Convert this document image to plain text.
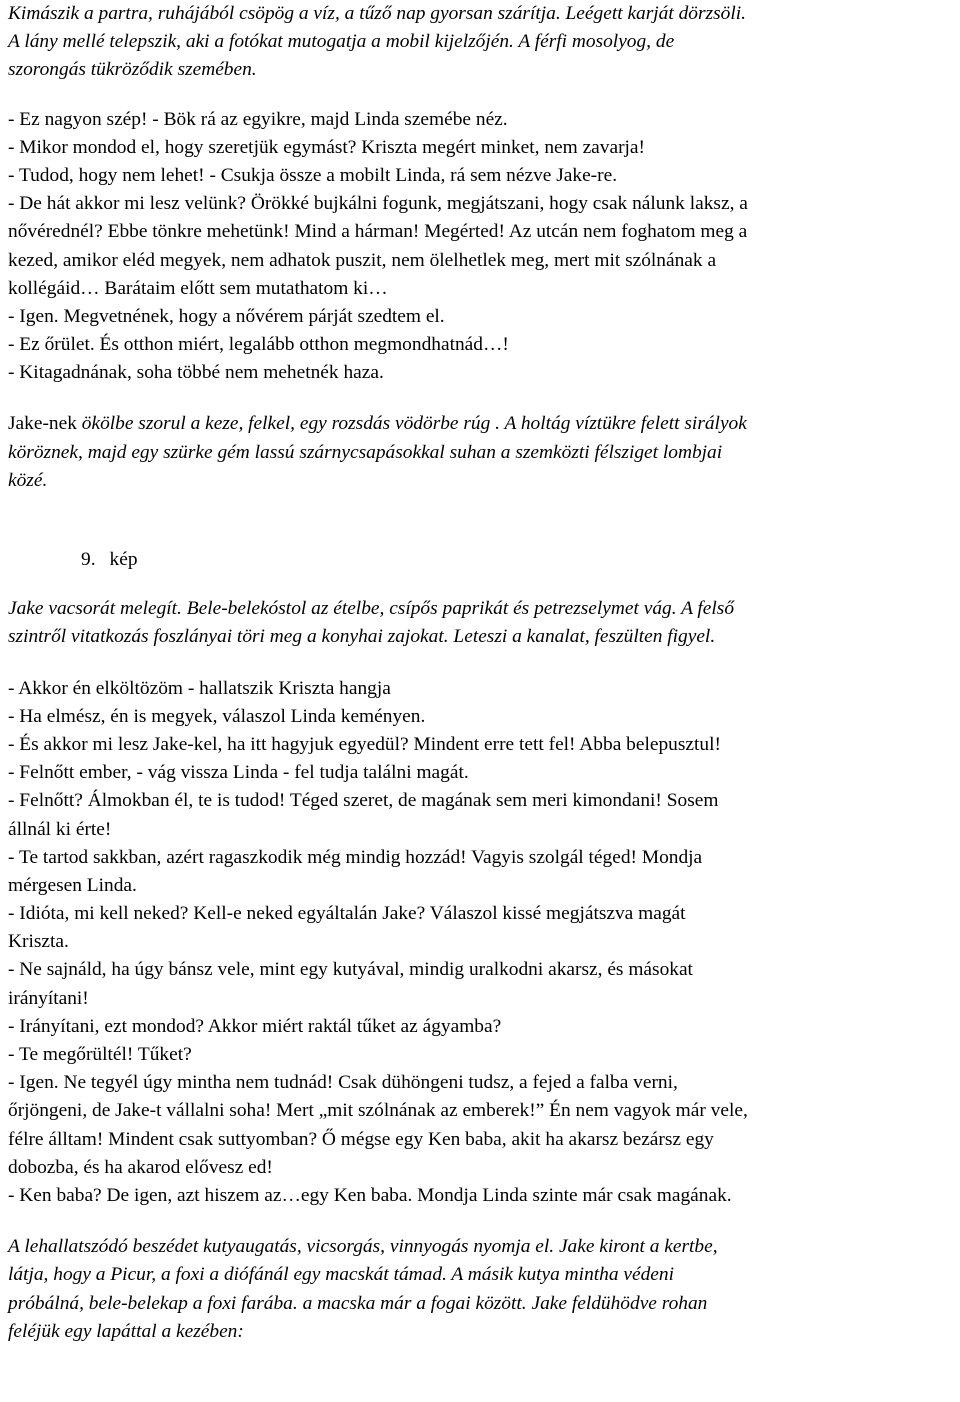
Kimászik a partra, ruhájából csöpög a víz, a tűző nap gyorsan szárítja. Leégett karját dörzsöli.
A lány mellé telepszik, aki a fotókat mutogatja a mobil kijelzőjén. A férfi mosolyog, de
szorongás tükröződik szemében.
- Ez nagyon szép! - Bök rá az egyikre, majd Linda szemébe néz.
- Mikor mondod el, hogy szeretjük egymást? Kriszta megért minket, nem zavarja!
- Tudod, hogy nem lehet! - Csukja össze a mobilt Linda, rá sem nézve Jake-re.
- De hát akkor mi lesz velünk? Örökké bujkálni fogunk, megjátszani, hogy csak nálunk laksz, a
nővérednél? Ebbe tönkre mehetünk! Mind a hárman! Megérted! Az utcán nem foghatom meg a
kezed, amikor eléd megyek, nem adhatok puszit, nem ölelhetlek meg, mert mit szólnának a
kollégáid… Barátaim előtt sem mutathatom ki…
- Igen. Megvetnének, hogy a nővérem párját szedtem el.
- Ez őrület. És otthon miért, legalább otthon megmondhatnád…!
- Kitagadnának, soha többé nem mehetnék haza.
Jake-nek ökölbe szorul a keze, felkel, egy rozsdás vödörbe rúg . A holtág víztükre felett sirályok
köröznek, majd egy szürke gém lassú szárnycsapásokkal suhan a szemközti félsziget lombjai
közé.
9. kép
Jake vacsorát melegít. Bele-belekóstol az ételbe, csípős paprikát és petrezselymet vág. A felső
szintről vitatkozás foszlányai töri meg a konyhai zajokat. Leteszi a kanalat, feszülten figyel.
- Akkor én elköltözöm - hallatszik Kriszta hangja
- Ha elmész, én is megyek, válaszol Linda keményen.
- És akkor mi lesz Jake-kel, ha itt hagyjuk egyedül? Mindent erre tett fel! Abba belepusztul!
- Felnőtt ember, - vág vissza Linda - fel tudja találni magát.
- Felnőtt? Álmokban él, te is tudod! Téged szeret, de magának sem meri kimondani! Sosem
állnál ki érte!
- Te tartod sakkban, azért ragaszkodik még mindig hozzád! Vagyis szolgál téged! Mondja
mérgesen Linda.
- Idióta, mi kell neked? Kell-e neked egyáltalán Jake? Válaszol kissé megjátszva magát
Kriszta.
- Ne sajnáld, ha úgy bánsz vele, mint egy kutyával, mindig uralkodni akarsz, és másokat
irányítani!
- Irányítani, ezt mondod? Akkor miért raktál tűket az ágyamba?
- Te megőrültél! Tűket?
- Igen. Ne tegyél úgy mintha nem tudnád! Csak dühöngeni tudsz, a fejed a falba verni,
őrjöngeni, de Jake-t vállalni soha! Mert „mit szólnának az emberek!” Én nem vagyok már vele,
félre álltam! Mindent csak suttyomban? Ő mégse egy Ken baba, akit ha akarsz bezársz egy
dobozba, és ha akarod elővesz ed!
- Ken baba? De igen, azt hiszem az…egy Ken baba. Mondja Linda szinte már csak magának.
A lehallatszódó beszédet kutyaugatás, vicsorgás, vinnyogás nyomja el. Jake kiront a kertbe,
látja, hogy a Picur, a foxi a diófánál egy macskát támad. A másik kutya mintha védeni
próbálná, bele-belekap a foxi farába. a macska már a fogai között. Jake feldühödve rohan
feléjük egy lapáttal a kezében:
